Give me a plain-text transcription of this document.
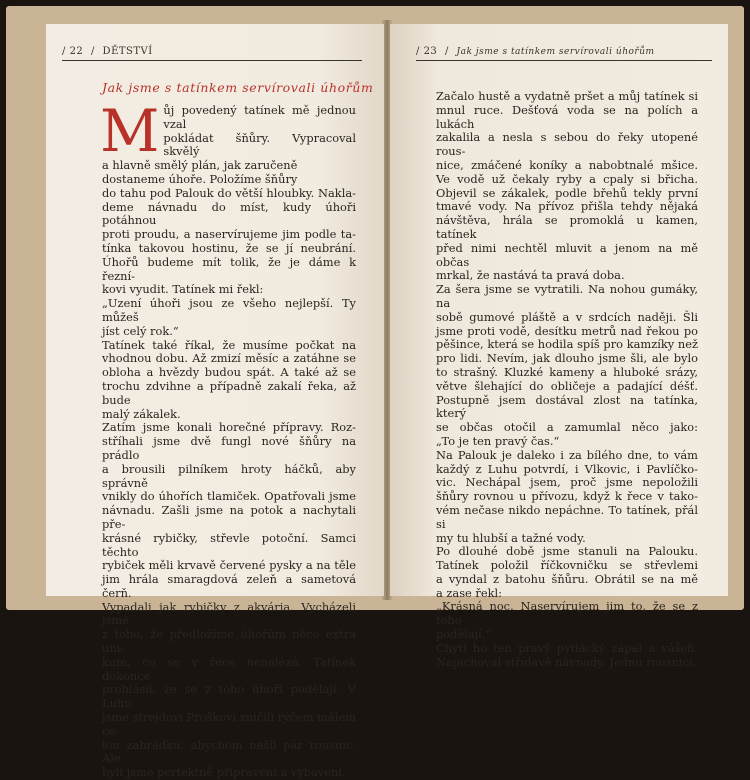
/ 22 / DĚTSTVÍ
Jak jsme s tatínkem servírovali úhořům
M ůj povedený tatínek mě jednou vzal

pokládat šňůry. Vypracoval skvělý

a hlavně smělý plán, jak zaručeně

dostaneme úhoře. Položíme šňůry

do tahu pod Palouk do větší hloubky. Nakla-

deme návnadu do míst, kudy úhoři potáhnou

proti proudu, a naservírujeme jim podle ta-

tínka takovou hostinu, že se jí neubrání.

Úhořů budeme mít tolik, že je dáme k řezní-

kovi vyudit. Tatínek mi řekl:

„Uzení úhoři jsou ze všeho nejlepší. Ty můžeš

jíst celý rok.“

Tatínek také říkal, že musíme počkat na

vhodnou dobu. Až zmizí měsíc a zatáhne se

obloha a hvězdy budou spát. A také až se

trochu zdvihne a případně zakalí řeka, až bude

malý zákalek.

Zatím jsme konali horečné přípravy. Roz-

stříhali jsme dvě fungl nové šňůry na prádlo

a brousili pilníkem hroty háčků, aby správně

vnikly do úhořích tlamiček. Opatřovali jsme

návnadu. Zašli jsme na potok a nachytali pře-

krásné rybičky, střevle potoční. Samci těchto

rybiček měli krvavě červené pysky a na těle

jim hrála smaragdová zeleň a sametová čerň.

Vypadali jak rybičky z akvária. Vycházeli jsme

z toho, že předložíme úhořům něco extra uni-

kum, co se v řece nenalézá. Tatínek dokonce

prohlásil, že se z toho úhoři podělají. V Luhu

jsme strejdovi Proškovi zničili rýčem málem ce-

lou zahrádku, abychom našli pár rousnic. Ale

byli jsme perfektně připraveni a vybaveni.

/ 23 / Jak jsme s tatínkem servírovali úhořům

Začalo hustě a vydatně pršet a můj tatínek si

mnul ruce. Dešťová voda se na polích a lukách

zakalila a nesla s sebou do řeky utopené rous-

nice, zmáčené koníky a nabobtnalé mšice.

Ve vodě už čekaly ryby a cpaly si břicha.

Objevil se zákalek, podle břehů tekly první

tmavé vody. Na přívoz přišla tehdy nějaká

návštěva, hrála se promoklá u kamen, tatínek

před nimi nechtěl mluvit a jenom na mě občas

mrkal, že nastává ta pravá doba.

Za šera jsme se vytratili. Na nohou gumáky, na

sobě gumové pláště a v srdcích naději. Šli

jsme proti vodě, desítku metrů nad řekou po

pěšince, která se hodila spíš pro kamzíky než

pro lidi. Nevím, jak dlouho jsme šli, ale bylo

to strašný. Kluzké kameny a hluboké srázy,

větve šlehající do obličeje a padající déšť.

Postupně jsem dostával zlost na tatínka, který

se občas otočil a zamumlal něco jako:

„To je ten pravý čas.“

Na Palouk je daleko i za bílého dne, to vám

každý z Luhu potvrdí, i Vlkovic, i Pavlíčko-

vic. Nechápal jsem, proč jsme nepoložili

šňůry rovnou u přívozu, když k řece v tako-

vém nečase nikdo nepáchne. To tatínek, přál si

my tu hlubší a tažné vody.

Po dlouhé době jsme stanuli na Palouku.

Tatínek položil říčkovničku se střevlemi

a vyndal z batohu šňůru. Obrátil se na mě

a zase řekl:

„Krásná noc. Naservírujem jim to, že se z toho

podělají.“

Chytl ho ten pravý pytlácký zápal a vášeň.

Napichoval střídavě návnady. Jednu rousnici,
